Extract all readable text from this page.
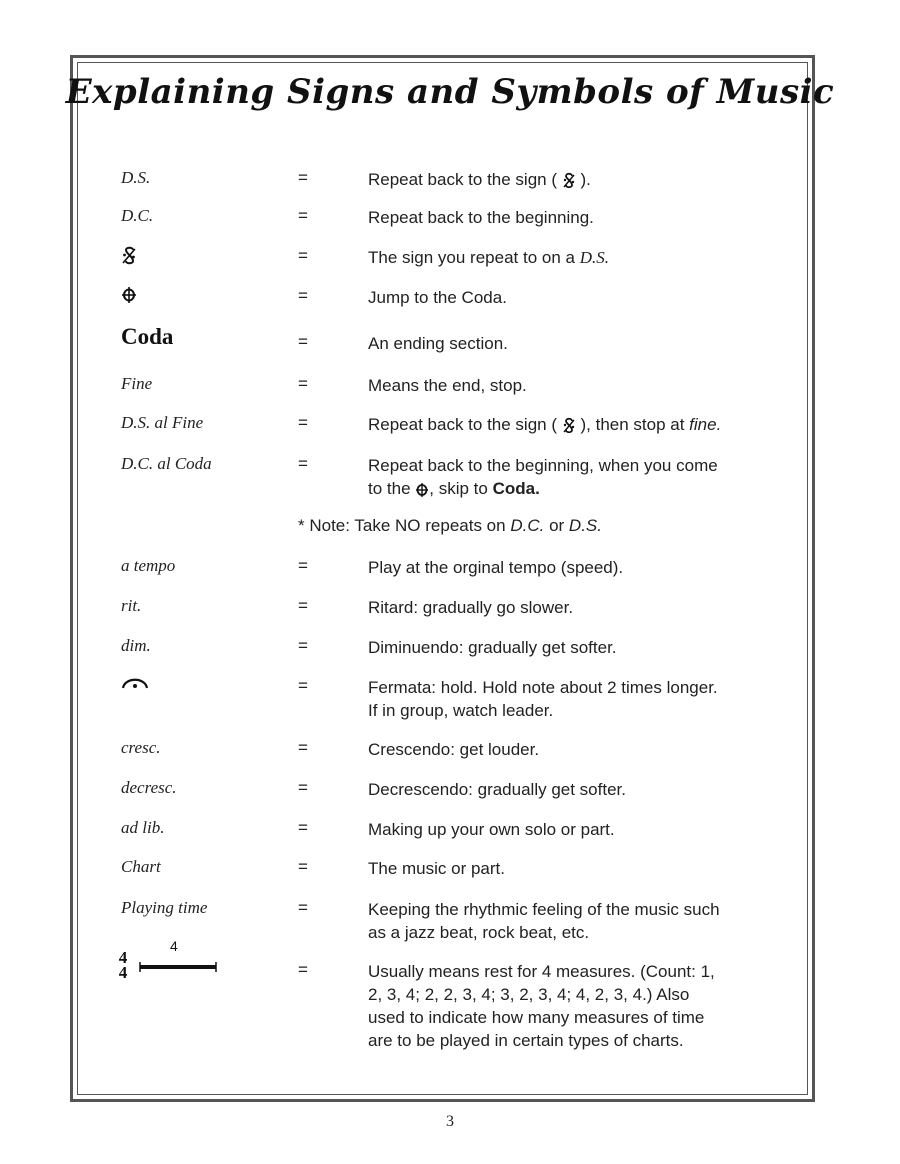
Explaining Signs and Symbols of Music
D.S.	=	Repeat back to the sign ( ).
D.C.	=	Repeat back to the beginning.
=	The sign you repeat to on a D.S.
=	Jump to the Coda.
Coda	=	An ending section.
Fine	=	Means the end, stop.
D.S. al Fine	=	Repeat back to the sign ( ), then stop at fine.
D.C. al Coda	=	Repeat back to the beginning, when you come
to the , skip to Coda.
* Note: Take NO repeats on D.C. or D.S.
a tempo	=	Play at the orginal tempo (speed).
rit.	=	Ritard: gradually go slower.
dim.	=	Diminuendo: gradually get softer.
=	Fermata: hold. Hold note about 2 times longer.
If in group, watch leader.
cresc.	=	Crescendo: get louder.
decresc.	=	Decrescendo: gradually get softer.
ad lib.	=	Making up your own solo or part.
Chart	=	The music or part.
Playing time	=	Keeping the rhythmic feeling of the music such
as a jazz beat, rock beat, etc.
4
4
4
=	Usually means rest for 4 measures. (Count: 1,
2, 3, 4; 2, 2, 3, 4; 3, 2, 3, 4; 4, 2, 3, 4.) Also
used to indicate how many measures of time
are to be played in certain types of charts.
3
